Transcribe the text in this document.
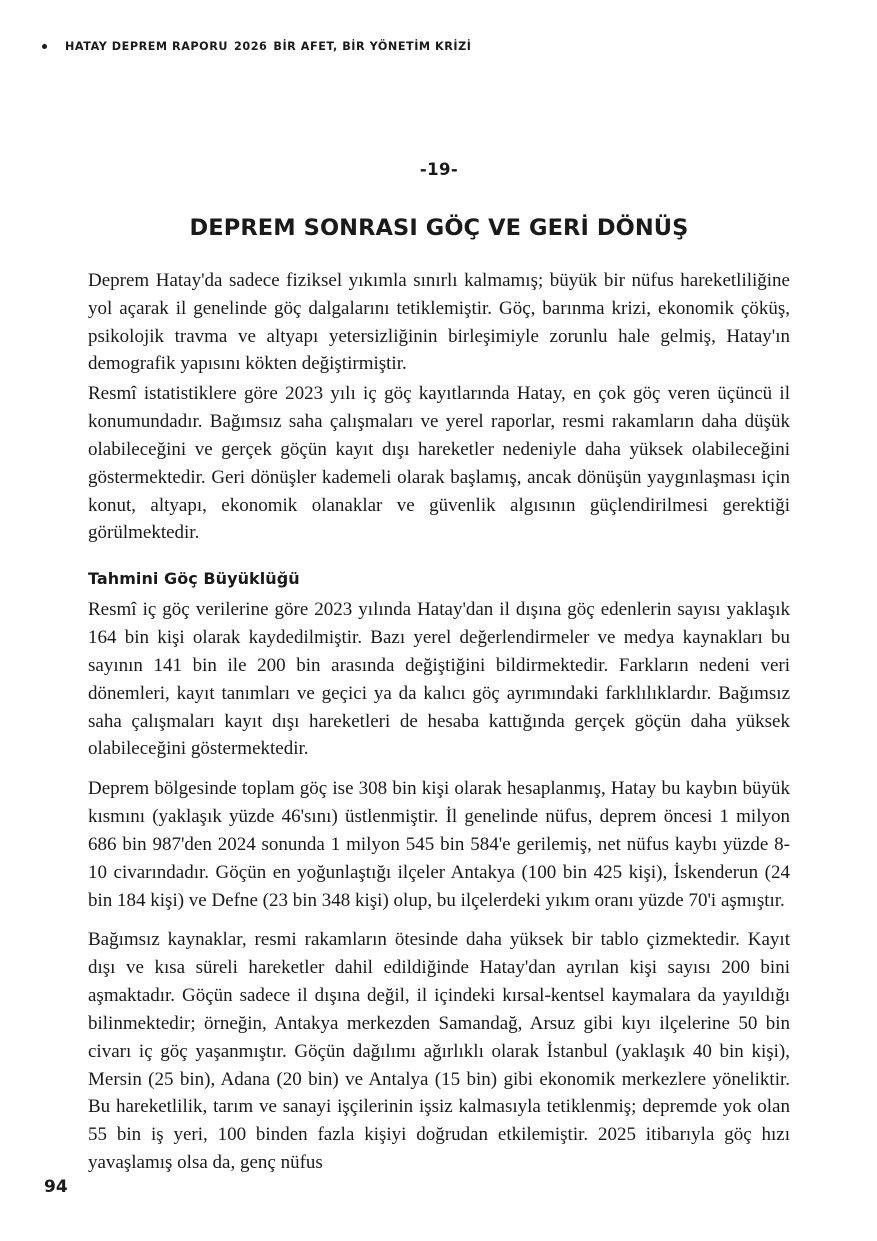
HATAY DEPREM RAPORU 2026 BİR AFET, BİR YÖNETİM KRİZİ
-19-
DEPREM SONRASI GÖÇ VE GERİ DÖNÜŞ

Deprem Hatay'da sadece fiziksel yıkımla sınırlı kalmamış; büyük bir nüfus hareketliliğine yol açarak il genelinde göç dalgalarını tetiklemiştir. Göç, barınma krizi, ekonomik çöküş, psikolojik travma ve altyapı yetersizliğinin birleşimiyle zorunlu hale gelmiş, Hatay'ın demografik yapısını kökten değiştirmiştir.

Resmî istatistiklere göre 2023 yılı iç göç kayıtlarında Hatay, en çok göç veren üçüncü il konumundadır. Bağımsız saha çalışmaları ve yerel raporlar, resmi rakamların daha düşük olabileceğini ve gerçek göçün kayıt dışı hareketler nedeniyle daha yüksek olabileceğini göstermektedir. Geri dönüşler kademeli olarak başlamış, ancak dönüşün yaygınlaşması için konut, altyapı, ekonomik olanaklar ve güvenlik algısının güçlendirilmesi gerektiği görülmektedir.

Tahmini Göç Büyüklüğü

Resmî iç göç verilerine göre 2023 yılında Hatay'dan il dışına göç edenlerin sayısı yaklaşık 164 bin kişi olarak kaydedilmiştir. Bazı yerel değerlendirmeler ve medya kaynakları bu sayının 141 bin ile 200 bin arasında değiştiğini bildirmektedir. Farkların nedeni veri dönemleri, kayıt tanımları ve geçici ya da kalıcı göç ayrımındaki farklılıklardır. Bağımsız saha çalışmaları kayıt dışı hareketleri de hesaba kattığında gerçek göçün daha yüksek olabileceğini göstermektedir.

Deprem bölgesinde toplam göç ise 308 bin kişi olarak hesaplanmış, Hatay bu kaybın büyük kısmını (yaklaşık yüzde 46'sını) üstlenmiştir. İl genelinde nüfus, deprem öncesi 1 milyon 686 bin 987'den 2024 sonunda 1 milyon 545 bin 584'e gerilemiş, net nüfus kaybı yüzde 8-10 civarındadır. Göçün en yoğunlaştığı ilçeler Antakya (100 bin 425 kişi), İskenderun (24 bin 184 kişi) ve Defne (23 bin 348 kişi) olup, bu ilçelerdeki yıkım oranı yüzde 70'i aşmıştır.

Bağımsız kaynaklar, resmi rakamların ötesinde daha yüksek bir tablo çizmektedir. Kayıt dışı ve kısa süreli hareketler dahil edildiğinde Hatay'dan ayrılan kişi sayısı 200 bini aşmaktadır. Göçün sadece il dışına değil, il içindeki kırsal-kentsel kaymalara da yayıldığı bilinmektedir; örneğin, Antakya merkezden Samandağ, Arsuz gibi kıyı ilçelerine 50 bin civarı iç göç yaşanmıştır. Göçün dağılımı ağırlıklı olarak İstanbul (yaklaşık 40 bin kişi), Mersin (25 bin), Adana (20 bin) ve Antalya (15 bin) gibi ekonomik merkezlere yöneliktir. Bu hareketlilik, tarım ve sanayi işçilerinin işsiz kalmasıyla tetiklenmiş; depremde yok olan 55 bin iş yeri, 100 binden fazla kişiyi doğrudan etkilemiştir. 2025 itibarıyla göç hızı yavaşlamış olsa da, genç nüfus

94
